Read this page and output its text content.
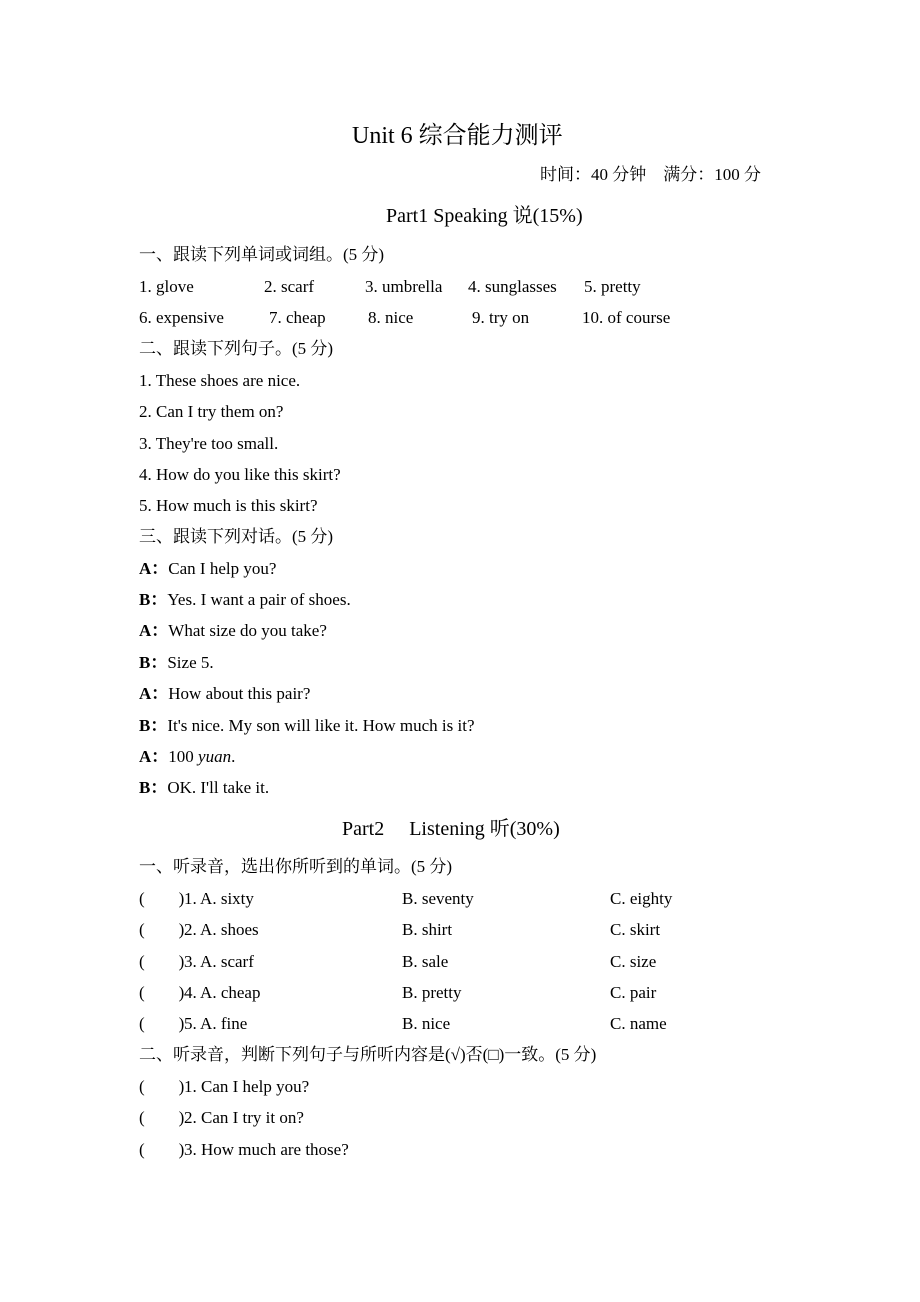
Unit 6 综合能力测评
时间：40 分钟　满分：100 分
Part1 Speaking 说(15%)
一、跟读下列单词或词组。(5 分)
1. glove	2. scarf	3. umbrella 4. sunglasses 5. pretty
6. expensive	7. cheap 8. nice	9. try on	10. of course
二、跟读下列句子。(5 分)
1. These shoes are nice.
2. Can I try them on?
3. They're too small.
4. How do you like this skirt?
5. How much is this skirt?
三、跟读下列对话。(5 分)
A：Can I help you?
B：Yes. I want a pair of shoes.
A：What size do you take?
B：Size 5.
A：How about this pair?
B：It's nice. My son will like it. How much is it?
A：100 yuan.
B：OK. I'll take it.
Part2　 Listening 听(30%)
一、听录音，选出你所听到的单词。(5 分)
(　　) 1. A. sixty	B. seventy	C. eighty
(　　) 2. A. shoes	B. shirt	C. skirt
(　　) 3. A. scarf	B. sale	C. size
(　　) 4. A. cheap	B. pretty	C. pair
(　　) 5. A. fine	B. nice	C. name
二、听录音，判断下列句子与所听内容是(√)否(□)一致。(5 分)
(　　) 1. Can I help you?
(　　) 2. Can I try it on?
(　　) 3. How much are those?
